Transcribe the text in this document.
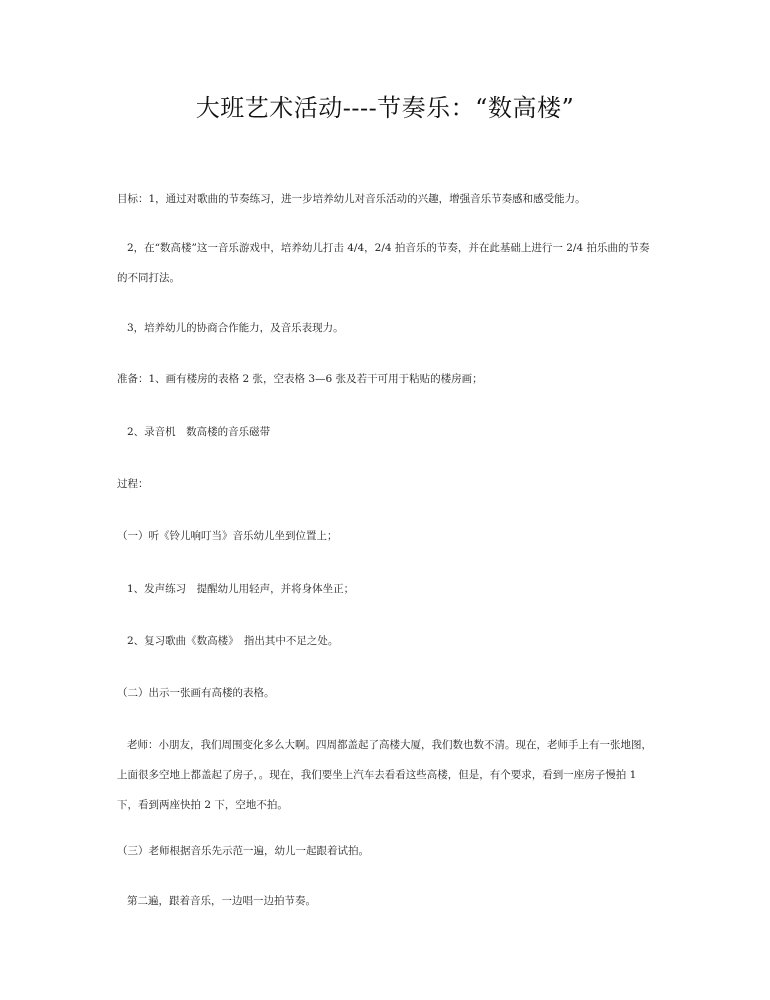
大班艺术活动----节奏乐：“数高楼”
目标：1，通过对歌曲的节奏练习，进一步培养幼儿对音乐活动的兴趣，增强音乐节奏感和感受能力。
2，在“数高楼”这一音乐游戏中，培养幼儿打击 4/4，2/4 拍音乐的节奏，并在此基础上进行一 2/4 拍乐曲的节奏的不同打法。
3，培养幼儿的协商合作能力，及音乐表现力。
准备：1、画有楼房的表格 2 张，空表格 3—6 张及若干可用于粘贴的楼房画；
2、录音机　数高楼的音乐磁带
过程：
（一）听《铃儿响叮当》音乐幼儿坐到位置上；
1、发声练习　提醒幼儿用轻声，并将身体坐正；
2、复习歌曲《数高楼》　指出其中不足之处。
（二）出示一张画有高楼的表格。
老师：小朋友，我们周围变化多么大啊。四周都盖起了高楼大厦，我们数也数不清。现在，老师手上有一张地图，上面很多空地上都盖起了房子，。现在，我们要坐上汽车去看看这些高楼，但是，有个要求，看到一座房子慢拍 1 下，看到两座快拍 2 下，空地不拍。
（三）老师根据音乐先示范一遍，幼儿一起跟着试拍。
第二遍，跟着音乐，一边唱一边拍节奏。
